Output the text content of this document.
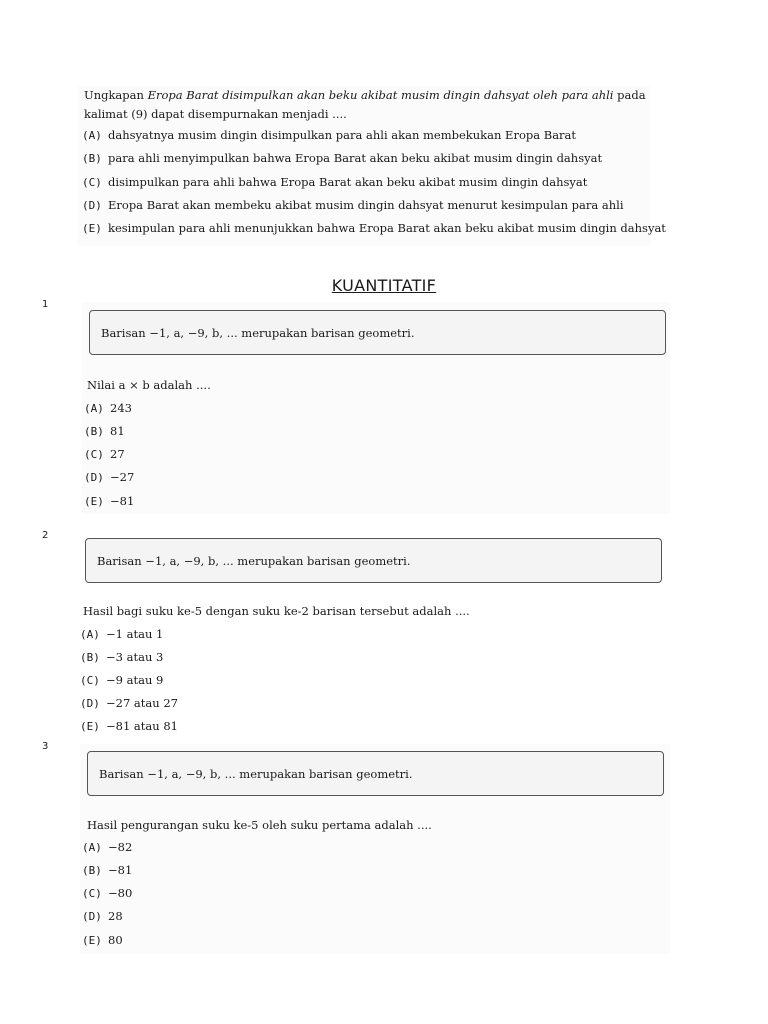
Ungkapan Eropa Barat disimpulkan akan beku akibat musim dingin dahsyat oleh para ahli pada
kalimat (9) dapat disempurnakan menjadi ....
(A) dahsyatnya musim dingin disimpulkan para ahli akan membekukan Eropa Barat
(B) para ahli menyimpulkan bahwa Eropa Barat akan beku akibat musim dingin dahsyat
(C) disimpulkan para ahli bahwa Eropa Barat akan beku akibat musim dingin dahsyat
(D) Eropa Barat akan membeku akibat musim dingin dahsyat menurut kesimpulan para ahli
(E) kesimpulan para ahli menunjukkan bahwa Eropa Barat akan beku akibat musim dingin dahsyat
KUANTITATIF
1
Barisan −1, a, −9, b, ... merupakan barisan geometri.
Nilai a × b adalah ....
(A) 243
(B) 81
(C) 27
(D) −27
(E) −81
2
Barisan −1, a, −9, b, ... merupakan barisan geometri.
Hasil bagi suku ke-5 dengan suku ke-2 barisan tersebut adalah ....
(A) −1 atau 1
(B) −3 atau 3
(C) −9 atau 9
(D) −27 atau 27
(E) −81 atau 81
3
Barisan −1, a, −9, b, ... merupakan barisan geometri.
Hasil pengurangan suku ke-5 oleh suku pertama adalah ....
(A) −82
(B) −81
(C) −80
(D) 28
(E) 80
